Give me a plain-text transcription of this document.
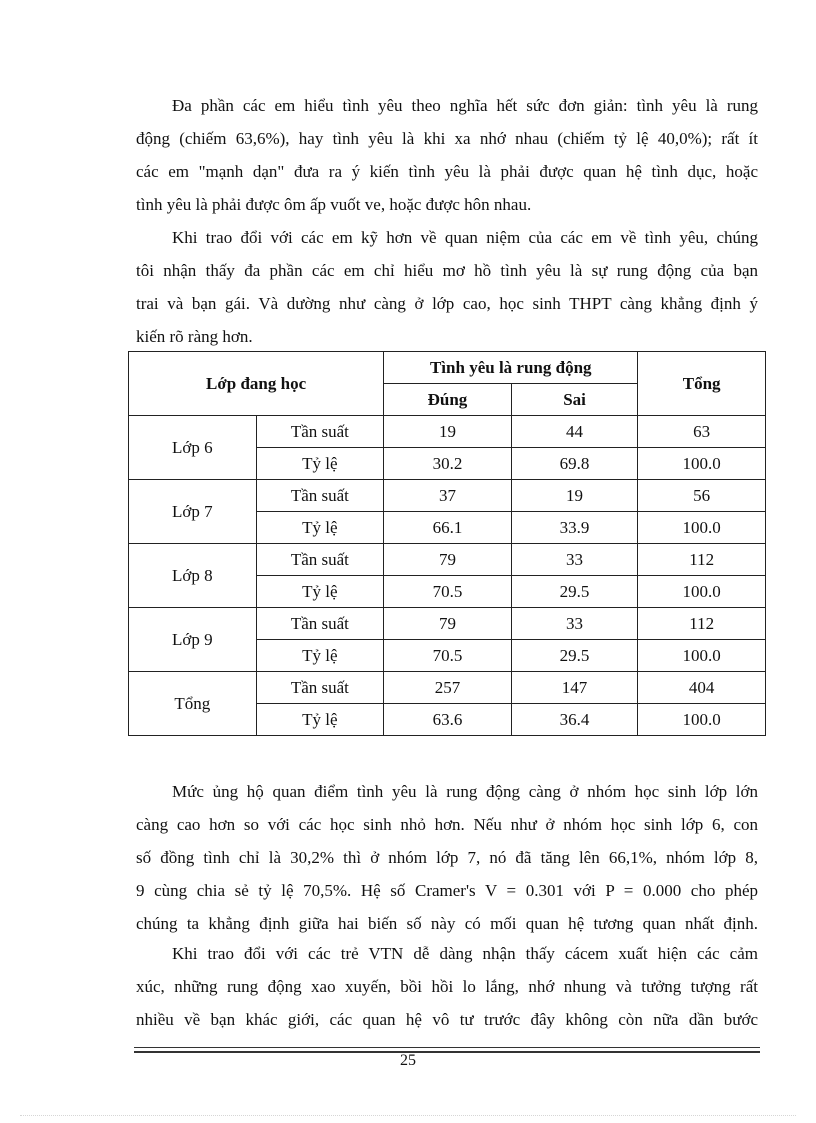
Đa phần các em hiểu tình yêu theo nghĩa hết sức đơn giản: tình yêu là rung
động (chiếm 63,6%), hay tình yêu là khi xa nhớ nhau (chiếm tỷ lệ 40,0%); rất ít
các em "mạnh dạn" đưa ra ý kiến tình yêu là phải được quan hệ tình dục, hoặc
tình yêu là phải được ôm ấp vuốt ve, hoặc được hôn nhau.

Khi trao đổi với các em kỹ hơn về quan niệm của các em về tình yêu, chúng
tôi nhận thấy đa phần các em chỉ hiểu mơ hồ tình yêu là sự rung động của bạn
trai và bạn gái. Và dường như càng ở lớp cao, học sinh THPT càng khẳng định ý
kiến rõ ràng hơn.

Lớp đang học		Tình yêu là rung động		Tổng
		Đúng	Sai	
Lớp 6	Tần suất	19	44	63
	Tỷ lệ	30.2	69.8	100.0
Lớp 7	Tần suất	37	19	56
	Tỷ lệ	66.1	33.9	100.0
Lớp 8	Tần suất	79	33	112
	Tỷ lệ	70.5	29.5	100.0
Lớp 9	Tần suất	79	33	112
	Tỷ lệ	70.5	29.5	100.0
Tổng	Tần suất	257	147	404
	Tỷ lệ	63.6	36.4	100.0

Mức ủng hộ quan điểm tình yêu là rung động càng ở nhóm học sinh lớp lớn
càng cao hơn so với các học sinh nhỏ hơn. Nếu như ở nhóm học sinh lớp 6, con
số đồng tình chỉ là 30,2% thì ở nhóm lớp 7, nó đã tăng lên 66,1%, nhóm lớp 8,
9 cùng chia sẻ tỷ lệ 70,5%. Hệ số Cramer's V = 0.301 với P = 0.000 cho phép
chúng ta khẳng định giữa hai biến số này có mối quan hệ tương quan nhất định.

Khi trao đổi với các trẻ VTN dễ dàng nhận thấy cácem xuất hiện các cảm
xúc, những rung động xao xuyến, bồi hồi lo lắng, nhớ nhung và tưởng tượng rất
nhiều về bạn khác giới, các quan hệ vô tư trước đây không còn nữa dần bước

25
